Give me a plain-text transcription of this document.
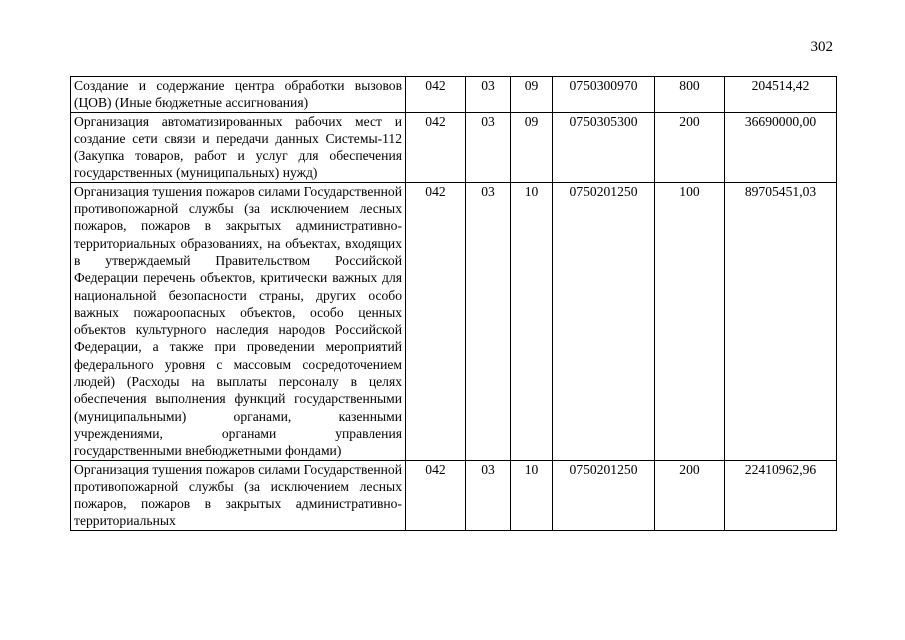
302
Создание и содержание центра обработки вызовов (ЦОВ) (Иные бюджетные ассигнования)	042	03	09	0750300970	800	204514,42
Организация автоматизированных рабочих мест и создание сети связи и передачи данных Системы-112 (Закупка товаров, работ и услуг для обеспечения государственных (муниципальных) нужд)	042	03	09	0750305300	200	36690000,00
Организация тушения пожаров силами Государственной противопожарной службы (за исключением лесных пожаров, пожаров в закрытых административно-территориальных образованиях, на объектах, входящих в утверждаемый Правительством Российской Федерации перечень объектов, критически важных для национальной безопасности страны, других особо важных пожароопасных объектов, особо ценных объектов культурного наследия народов Российской Федерации, а также при проведении мероприятий федерального уровня с массовым сосредоточением людей) (Расходы на выплаты персоналу в целях обеспечения выполнения функций государственными (муниципальными) органами, казенными учреждениями, органами управления государственными внебюджетными фондами)	042	03	10	0750201250	100	89705451,03

Организация тушения пожаров силами Государственной противопожарной службы (за исключением лесных пожаров, пожаров в закрытых административно-территориальных	042	03	10	0750201250	200	22410962,96
